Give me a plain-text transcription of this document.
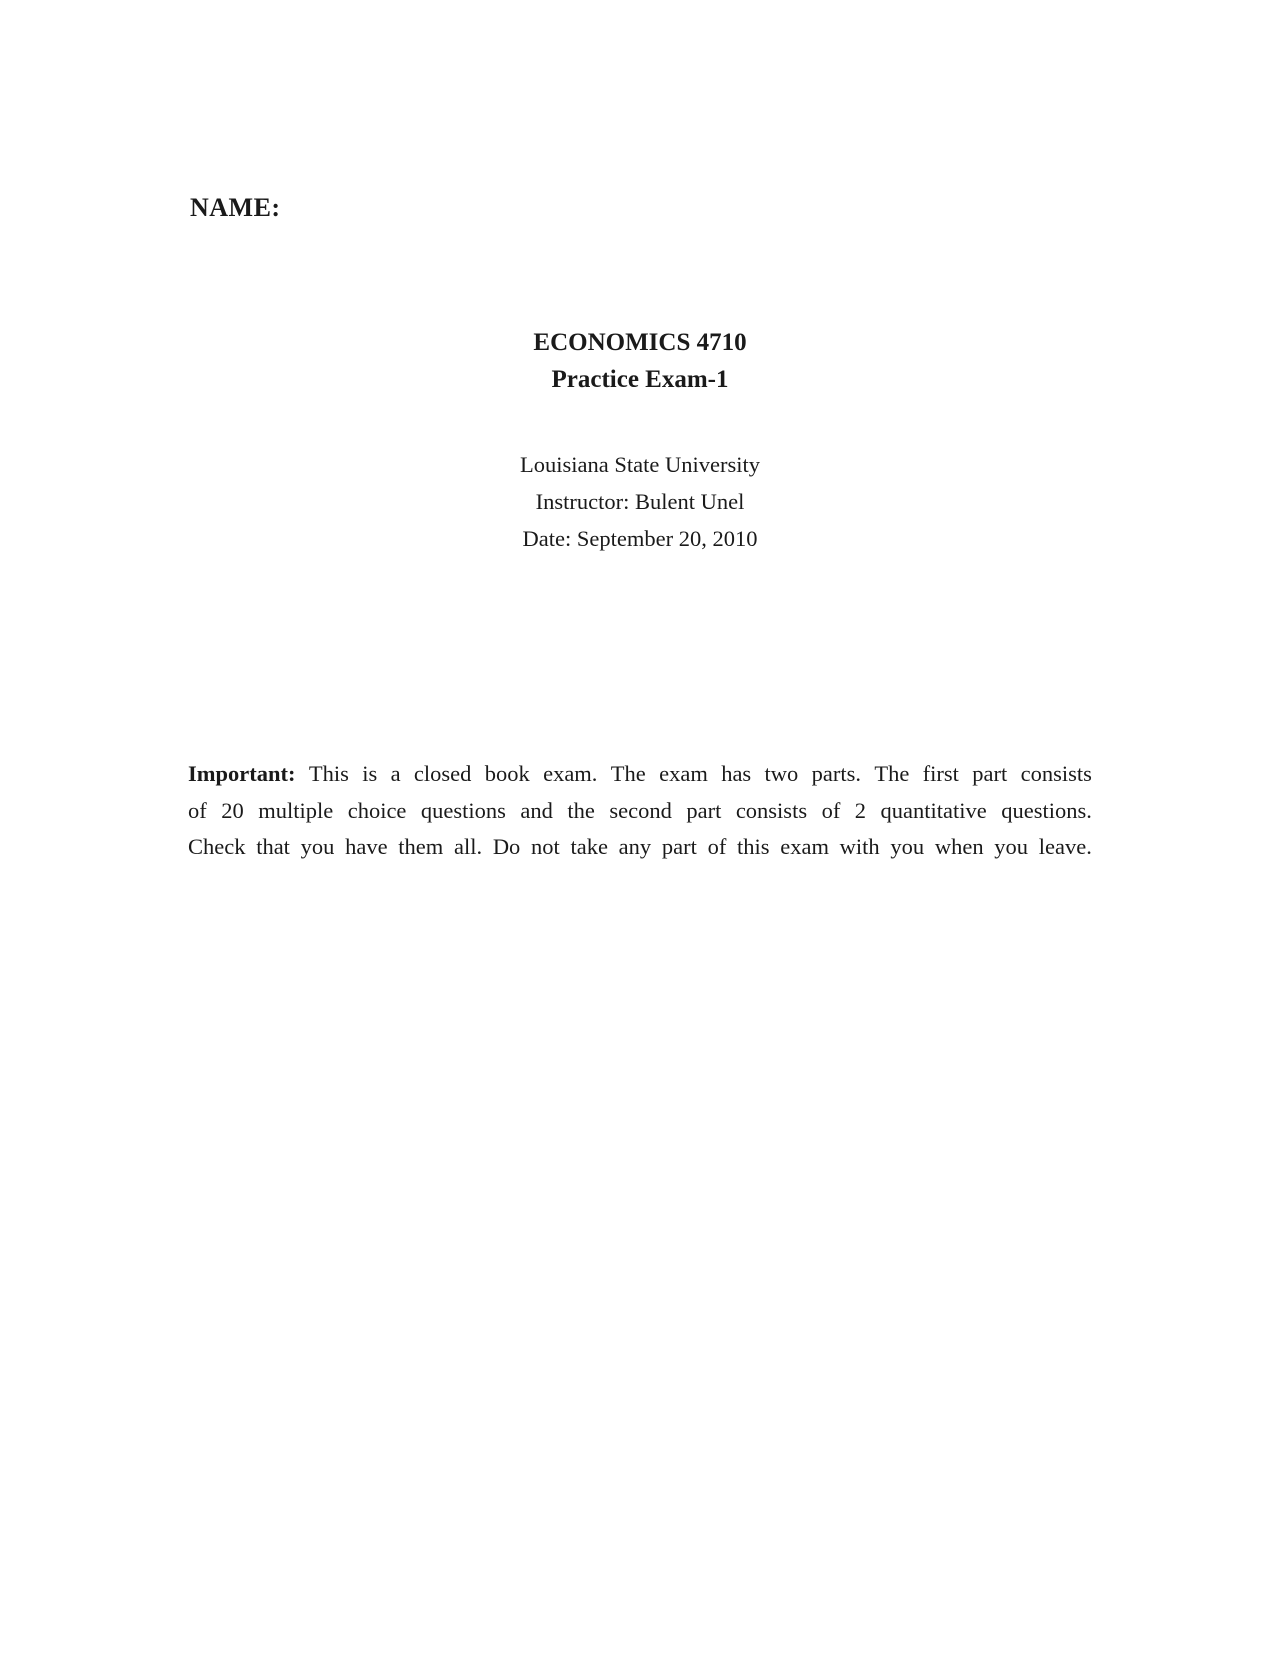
NAME:
ECONOMICS 4710
Practice Exam-1
Louisiana State University
Instructor: Bulent Unel
Date: September 20, 2010
Important: This is a closed book exam. The exam has two parts. The first part consists
of 20 multiple choice questions and the second part consists of 2 quantitative questions.
Check that you have them all. Do not take any part of this exam with you when you leave.
